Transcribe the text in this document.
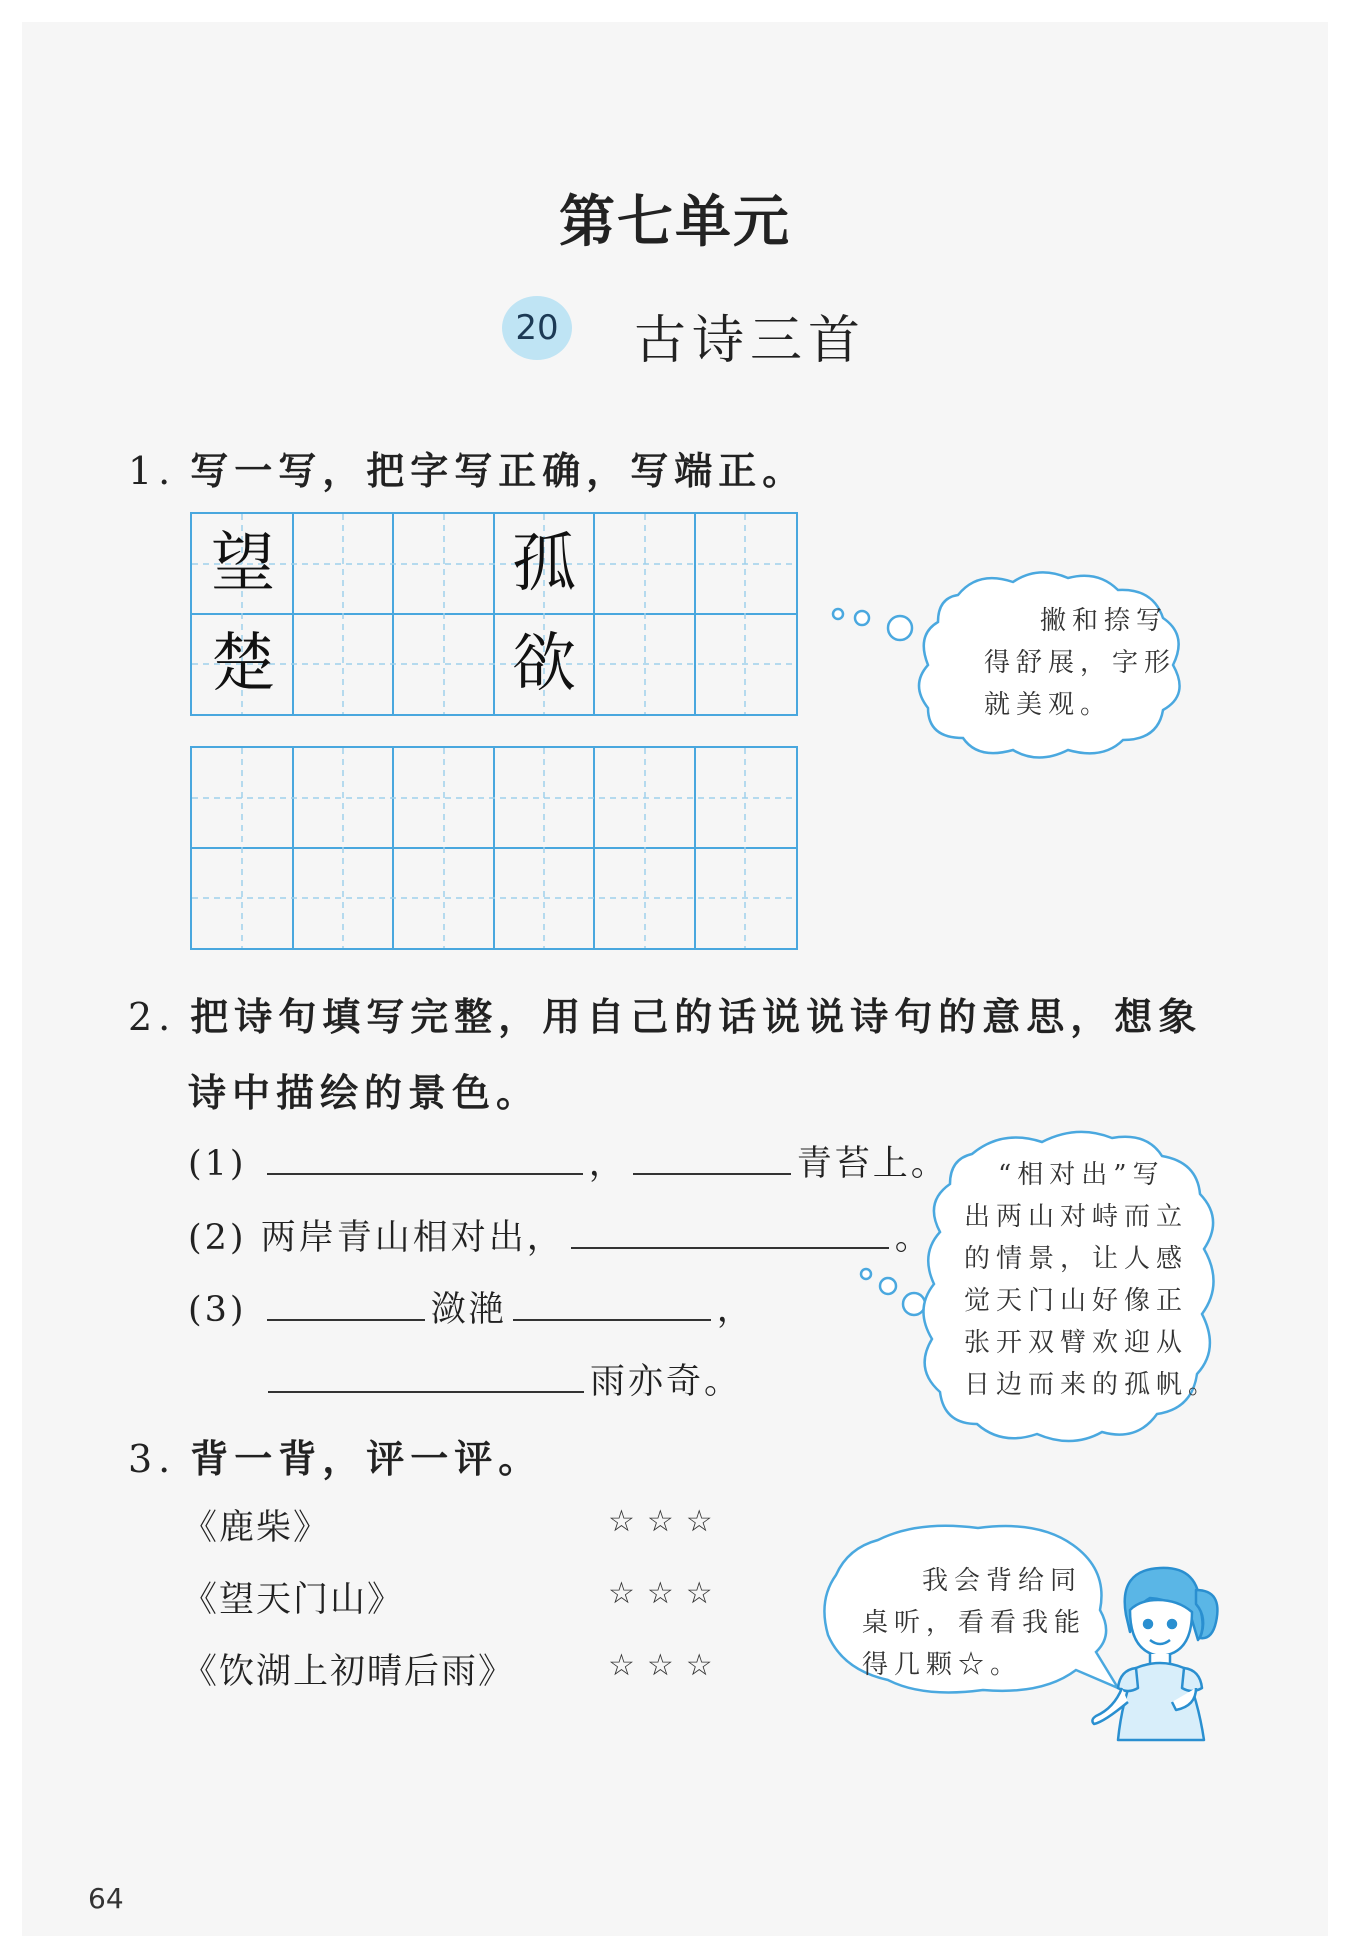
第七单元
20 古诗三首
1. 写一写，把字写正确，写端正。
望	孤
楚	欲
撇和捺写
得舒展，字形
就美观。
2. 把诗句填写完整，用自己的话说说诗句的意思，想象
诗中描绘的景色。
(1)	，	青苔上。
(2) 两岸青山相对出，	。
(3)	潋滟	，
雨亦奇。
“相对出”写
出两山对峙而立
的情景，让人感
觉天门山好像正
张开双臂欢迎从
日边而来的孤帆。
3. 背一背，评一评。
《鹿柴》	☆☆☆
《望天门山》	☆☆☆
《饮湖上初晴后雨》	☆☆☆
我会背给同
桌听，看看我能
得几颗☆。
64
